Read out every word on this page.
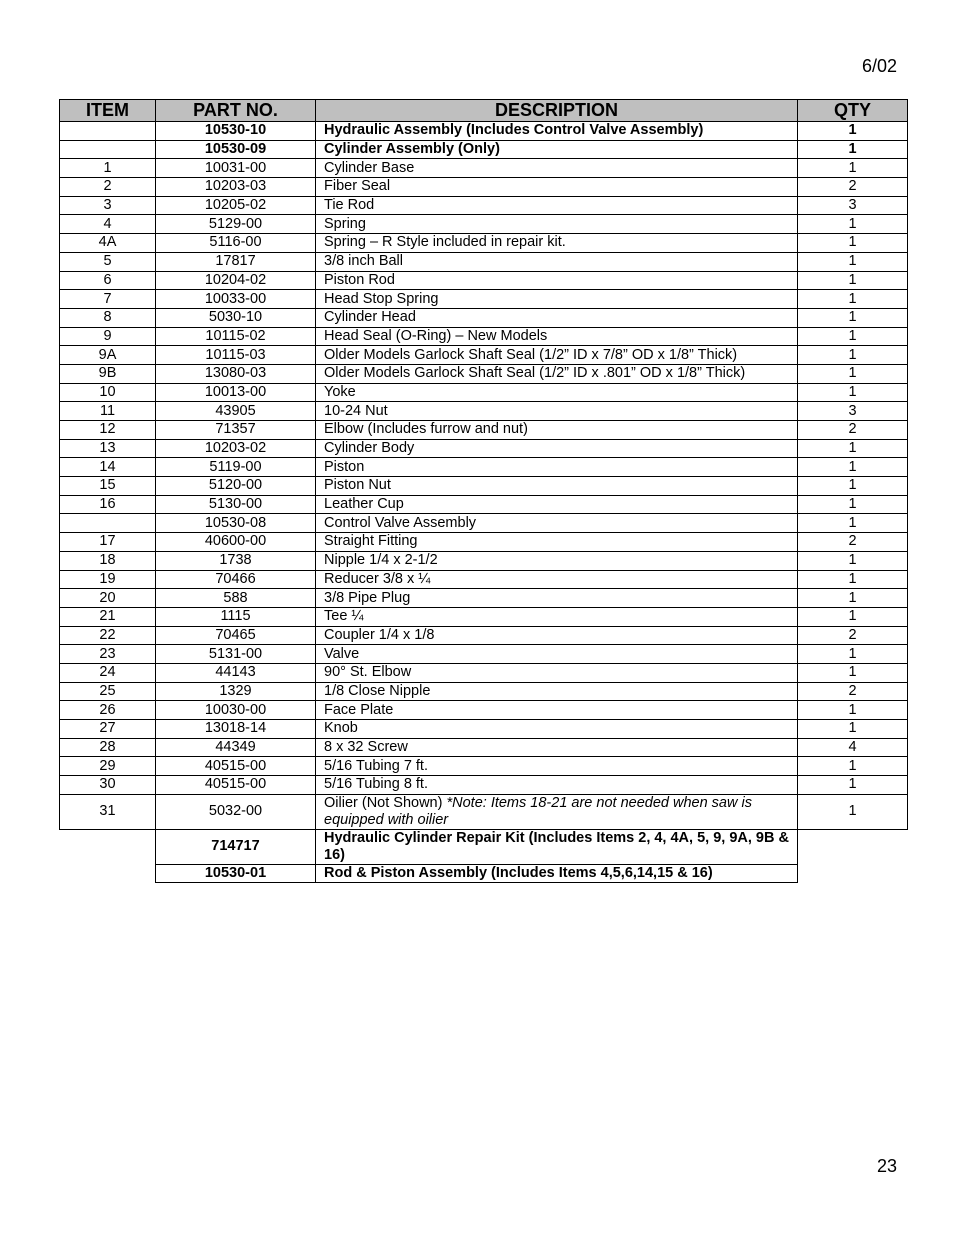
6/02
ITEM	PART NO.	DESCRIPTION	QTY
	10530-10	Hydraulic Assembly (Includes Control Valve Assembly)	1
	10530-09	Cylinder Assembly (Only)	1
1	10031-00	Cylinder Base	1
2	10203-03	Fiber Seal	2
3	10205-02	Tie Rod	3
4	5129-00	Spring	1
4A	5116-00	Spring – R Style included in repair kit.	1
5	17817	3/8 inch Ball	1
6	10204-02	Piston Rod	1
7	10033-00	Head Stop Spring	1
8	5030-10	Cylinder Head	1
9	10115-02	Head Seal (O-Ring) – New Models	1
9A	10115-03	Older Models Garlock Shaft Seal (1/2” ID x 7/8” OD x 1/8” Thick)	1
9B	13080-03	Older Models Garlock Shaft Seal (1/2” ID x .801” OD x 1/8” Thick)	1
10	10013-00	Yoke	1
11	43905	10-24 Nut	3
12	71357	Elbow (Includes furrow and nut)	2
13	10203-02	Cylinder Body	1
14	5119-00	Piston	1
15	5120-00	Piston Nut	1
16	5130-00	Leather Cup	1
	10530-08	Control Valve Assembly	1
17	40600-00	Straight Fitting	2
18	1738	Nipple 1/4 x 2-1/2	1
19	70466	Reducer 3/8 x ¼	1
20	588	3/8 Pipe Plug	1
21	1115	Tee ¼	1
22	70465	Coupler 1/4 x 1/8	2
23	5131-00	Valve	1
24	44143	90° St. Elbow	1
25	1329	1/8 Close Nipple	2
26	10030-00	Face Plate	1
27	13018-14	Knob	1
28	44349	8 x 32 Screw	4
29	40515-00	5/16 Tubing 7 ft.	1
30	40515-00	5/16 Tubing 8 ft.	1
31	5032-00	Oilier (Not Shown) *Note: Items 18-21 are not needed when saw is equipped with oilier	1
	714717	Hydraulic Cylinder Repair Kit (Includes Items 2, 4, 4A, 5, 9, 9A, 9B & 16)	
	10530-01	Rod & Piston Assembly (Includes Items 4,5,6,14,15 & 16)	
23
